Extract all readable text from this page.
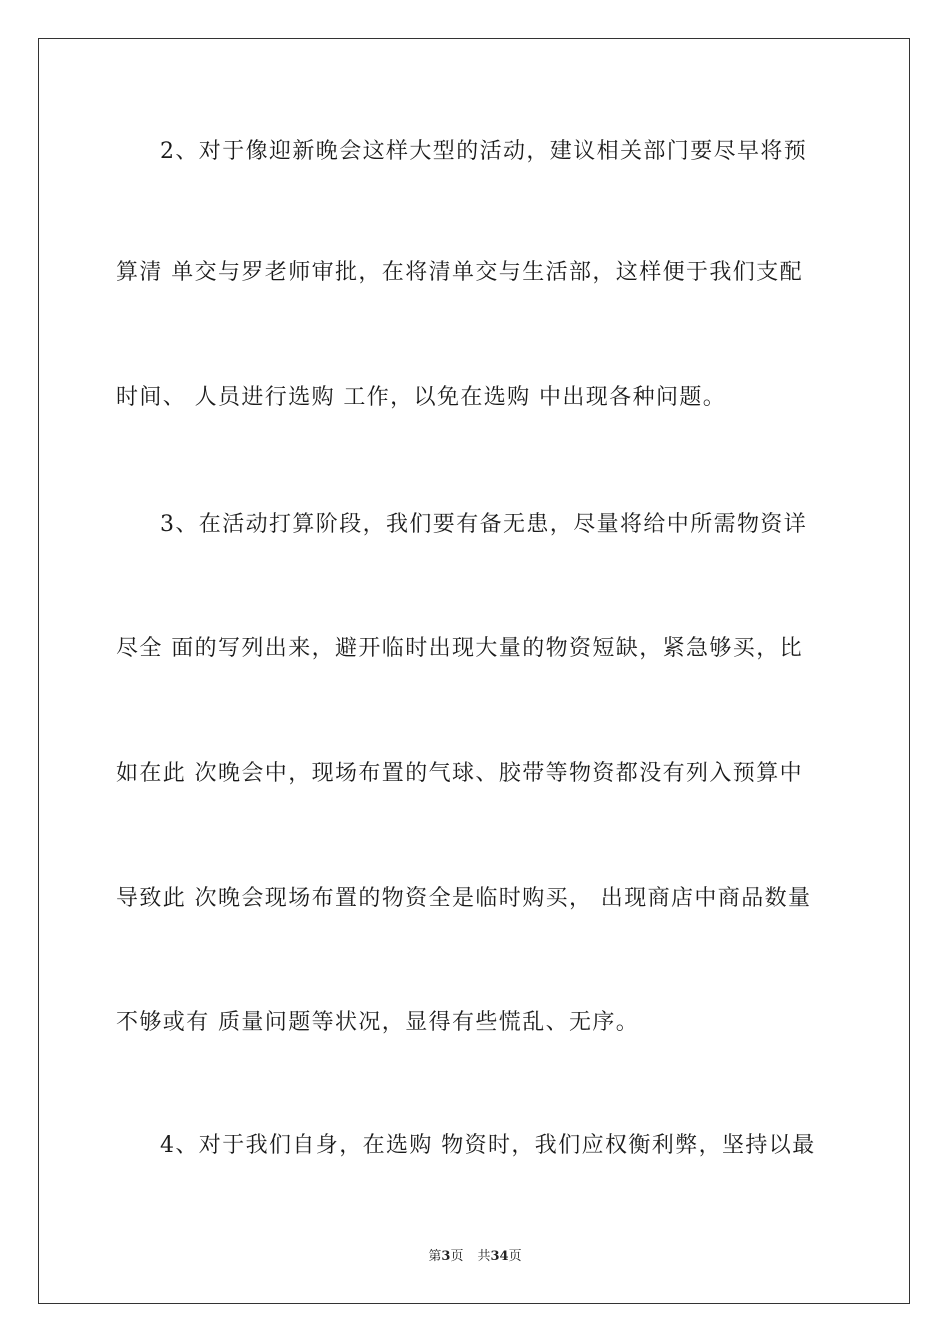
2、对于像迎新晚会这样大型的活动，建议相关部门要尽早将预
算清 单交与罗老师审批，在将清单交与生活部，这样便于我们支配
时间、 人员进行选购 工作，以免在选购 中出现各种问题。
3、在活动打算阶段，我们要有备无患，尽量将给中所需物资详
尽全 面的写列出来，避开临时出现大量的物资短缺，紧急够买，比
如在此 次晚会中，现场布置的气球、胶带等物资都没有列入预算中
导致此 次晚会现场布置的物资全是临时购买， 出现商店中商品数量
不够或有 质量问题等状况，显得有些慌乱、无序。
4、对于我们自身，在选购 物资时，我们应权衡利弊，坚持以最
第3页 共34页
